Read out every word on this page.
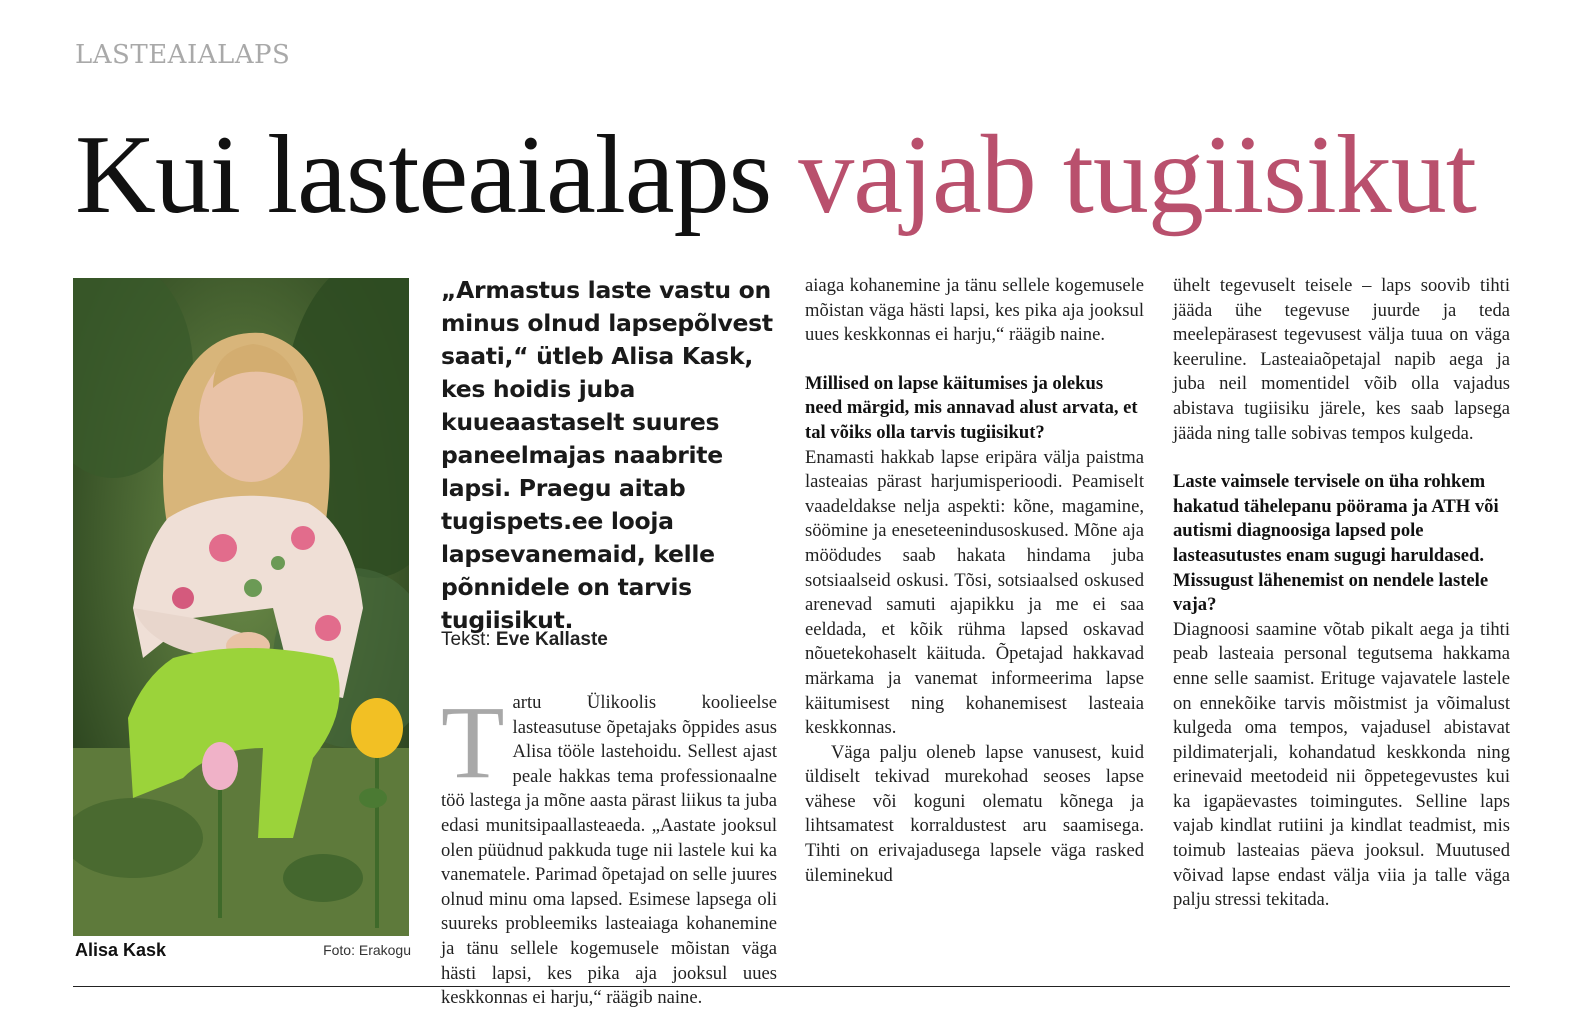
LASTEAIALAPS
Kui lasteaialaps vajab tugiisikut
Alisa Kask	Foto: Erakogu

„Armastus laste vastu on minus olnud lapsepõlvest saati,“ ütleb Alisa Kask, kes hoidis juba kuueaastaselt suures paneelmajas naabrite lapsi. Praegu aitab tugispets.ee looja lapsevanemaid, kelle põnnidele on tarvis tugiisikut.

Tekst: Eve Kallaste

Tartu Ülikoolis koolieelse lasteasutuse õpetajaks õppides asus Alisa tööle lastehoidu. Sellest ajast peale hakkas tema professionaalne töö lastega ja mõne aasta pärast liikus ta juba edasi munitsipaallasteaeda. „Aastate jooksul olen püüdnud pakkuda tuge nii lastele kui ka vanematele. Parimad õpetajad on selle juures olnud minu oma lapsed. Esimese lapsega oli suureks probleemiks lasteaiaga kohanemine ja tänu sellele kogemusele mõistan väga hästi lapsi, kes pika aja jooksul uues keskkonnas ei harju,“ räägib naine.

aiaga kohanemine ja tänu sellele kogemusele mõistan väga hästi lapsi, kes pika aja jooksul uues keskkonnas ei harju,“ räägib naine.

Millised on lapse käitumises ja olekus need märgid, mis annavad alust arvata, et tal võiks olla tarvis tugiisikut?

Enamasti hakkab lapse eripära välja paistma lasteaias pärast harjumisperioodi. Peamiselt vaadeldakse nelja aspekti: kõne, magamine, söömine ja eneseteenindusoskused. Mõne aja möödudes saab hakata hindama juba sotsiaalseid oskusi. Tõsi, sotsiaalsed oskused arenevad samuti ajapikku ja me ei saa eeldada, et kõik rühma lapsed oskavad nõuetekohaselt käituda. Õpetajad hakkavad märkama ja vanemat informeerima lapse käitumisest ning kohanemisest lasteaia keskkonnas.

Väga palju oleneb lapse vanusest, kuid üldiselt tekivad murekohad seoses lapse vähese või koguni olematu kõnega ja lihtsamatest korraldustest aru saamisega. Tihti on erivajadusega lapsele väga rasked üleminekud

ühelt tegevuselt teisele – laps soovib tihti jääda ühe tegevuse juurde ja teda meelepärasest tegevusest välja tuua on väga keeruline. Lasteaiaõpetajal napib aega ja juba neil momentidel võib olla vajadus abistava tugiisiku järele, kes saab lapsega jääda ning talle sobivas tempos kulgeda.

Laste vaimsele tervisele on üha rohkem hakatud tähelepanu pöörama ja ATH või autismi diagnoosiga lapsed pole lasteasutustes enam sugugi haruldased. Missugust lähenemist on nendele lastele vaja?

Diagnoosi saamine võtab pikalt aega ja tihti peab lasteaia personal tegutsema hakkama enne selle saamist. Erituge vajavatele lastele on ennekõike tarvis mõistmist ja võimalust kulgeda oma tempos, vajadusel abistavat pildimaterjali, kohandatud keskkonda ning erinevaid meetodeid nii õppetegevustes kui ka igapäevastes toimingutes. Selline laps vajab kindlat rutiini ja kindlat teadmist, mis toimub lasteaias päeva jooksul. Muutused võivad lapse endast välja viia ja talle väga palju stressi tekitada.
